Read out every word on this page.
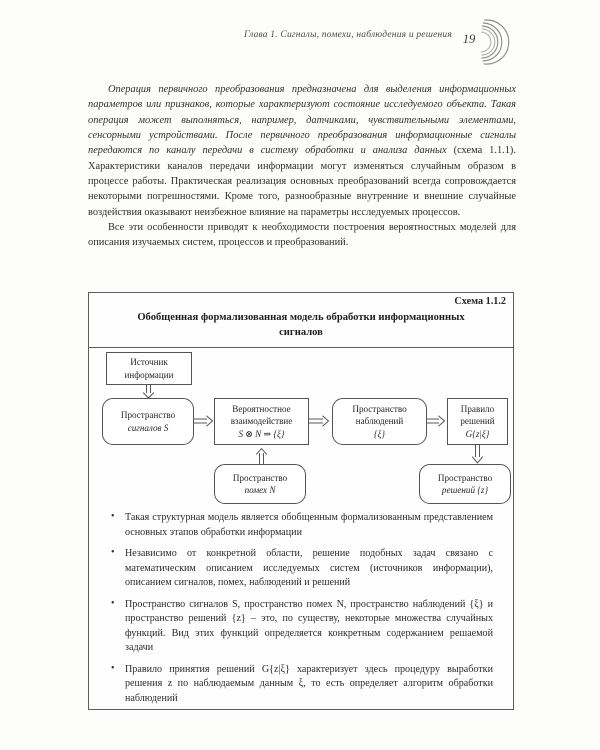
Глава 1. Сигналы, помехи, наблюдения и решения 19

Операция первичного преобразования предназначена для выделения информационных параметров или признаков, которые характеризуют состояние исследуемого объекта. Такая операция может выполняться, например, датчиками, чувствительными элементами, сенсорными устройствами. После первичного преобразования информационные сигналы передаются по каналу передачи в систему обработки и анализа данных (схема 1.1.1). Характеристики каналов передачи информации могут изменяться случайным образом в процессе работы. Практическая реализация основных преобразований всегда сопровождается некоторыми погрешностями. Кроме того, разнообразные внутренние и внешние случайные воздействия оказывают неизбежное влияние на параметры исследуемых процессов.

Все эти особенности приводят к необходимости построения вероятностных моделей для описания изучаемых систем, процессов и преобразований.

Схема 1.1.2
Обобщенная формализованная модель обработки информационных сигналов
Источник
информации
Пространство
сигналов S
Вероятностное
взаимодействие
S ⊗ N ⇒ {ξ}
Пространство
помех N
Пространство
наблюдений
{ξ}
Правило
решений
G{z|ξ}
Пространство
решений {z}
• Такая структурная модель является обобщенным формализованным представлением основных этапов обработки информации
• Независимо от конкретной области, решение подобных задач связано с математическим описанием исследуемых систем (источников информации), описанием сигналов, помех, наблюдений и решений
• Пространство сигналов S, пространство помех N, пространство наблюдений {ξ} и пространство решений {z} – это, по существу, некоторые множества случайных функций. Вид этих функций определяется конкретным содержанием решаемой задачи
• Правило принятия решений G{z|ξ} характеризует здесь процедуру выработки решения z по наблюдаемым данным ξ, то есть определяет алгоритм обработки наблюдений
